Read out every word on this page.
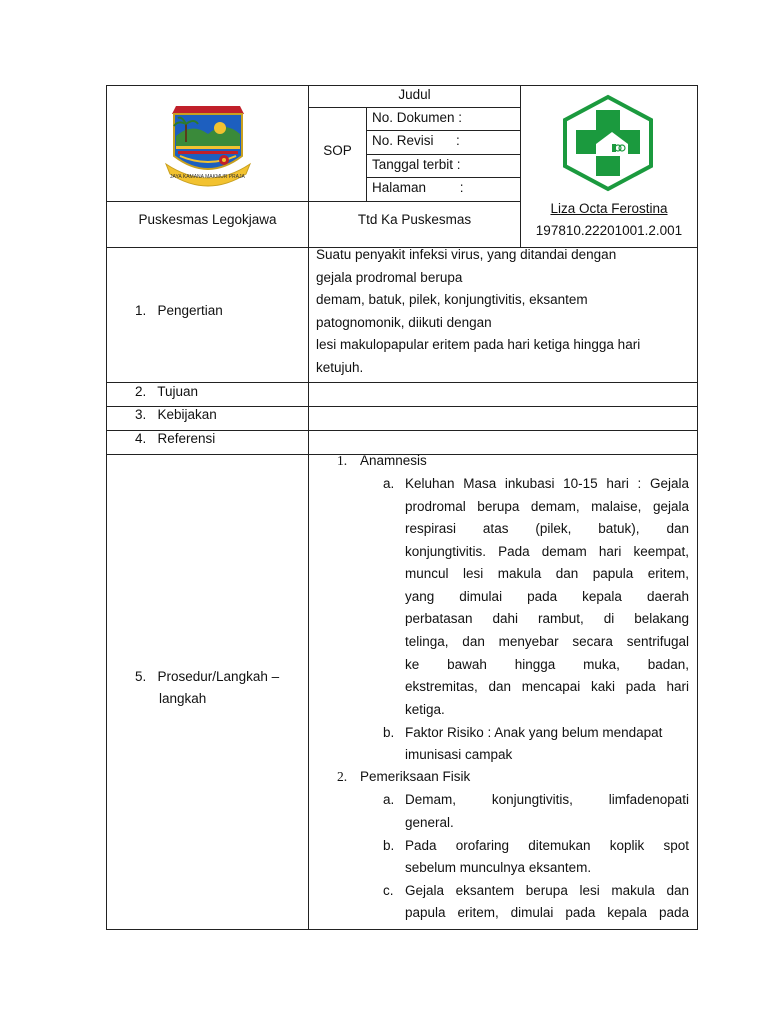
KAB. PANGANDARAN
JAYA KAMANA MAKMUR PRAJA
Judul
SOP
No. Dokumen :
No. Revisi      :
Tanggal terbit :
Halaman         :
Puskesmas Legokjawa	Ttd Ka Puskesmas
Liza Octa Ferostina
197810.22201001.2.001
1.   Pengertian
Suatu penyakit infeksi virus, yang ditandai dengan
gejala prodromal berupa
demam, batuk, pilek, konjungtivitis, eksantem
patognomonik, diikuti dengan
lesi makulopapular eritem pada hari ketiga hingga hari
ketujuh.
2.   Tujuan
3.   Kebijakan
4.   Referensi
5.   Prosedur/Langkah –
langkah
1. Anamnesis
a. Keluhan Masa inkubasi 10-15 hari : Gejala
prodromal berupa demam, malaise, gejala
respirasi atas (pilek, batuk), dan
konjungtivitis. Pada demam hari keempat,
muncul lesi makula dan papula eritem,
yang dimulai pada kepala daerah
perbatasan dahi rambut, di belakang
telinga, dan menyebar secara sentrifugal
ke bawah hingga muka, badan,
ekstremitas, dan mencapai kaki pada hari
ketiga.
b. Faktor Risiko : Anak yang belum mendapat
imunisasi campak
2. Pemeriksaan Fisik
a. Demam, konjungtivitis, limfadenopati
general.
b. Pada orofaring ditemukan koplik spot
sebelum munculnya eksantem.
c. Gejala eksantem berupa lesi makula dan
papula eritem, dimulai pada kepala pada
